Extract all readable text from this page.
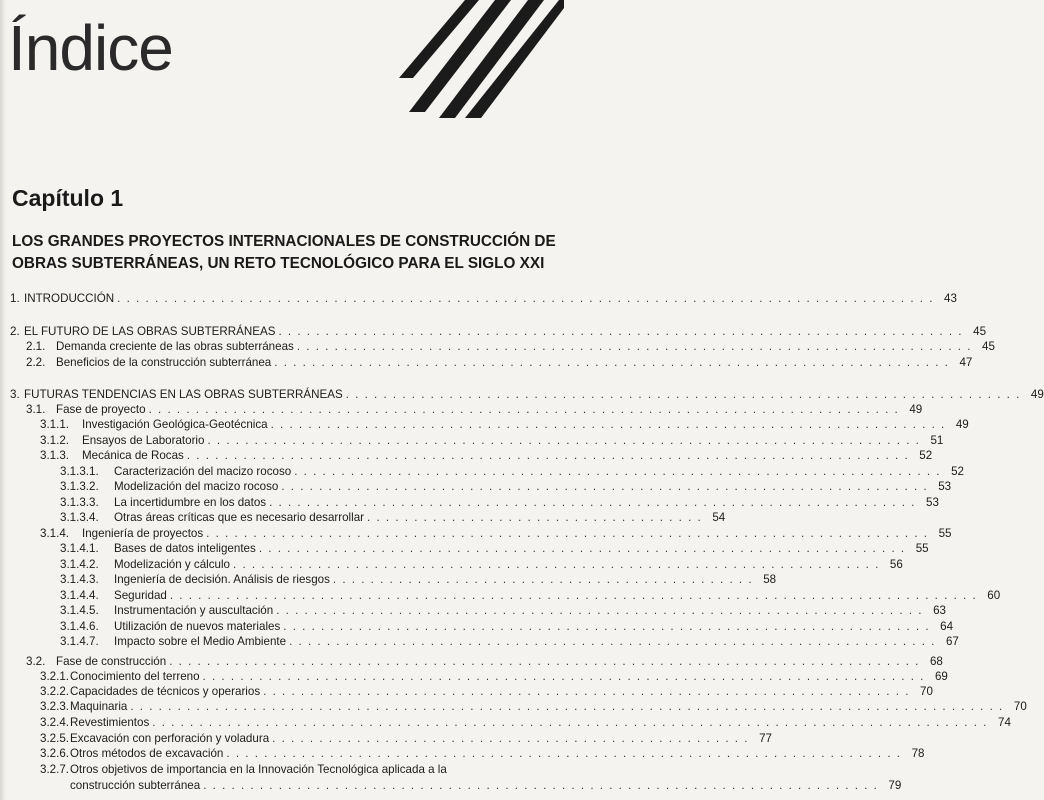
Índice
Capítulo 1
LOS GRANDES PROYECTOS INTERNACIONALES DE CONSTRUCCIÓN DE
OBRAS SUBTERRÁNEAS, UN RETO TECNOLÓGICO PARA EL SIGLO XXI
1. INTRODUCCIÓN . . . . . . . . . . . . . . . . . . . . . . . . . . . . . . . . . . . . . . . . . . . . . . . . . . . . . . . . . . . . . . . . . . . . . . . . . . . . . . . . . . . . . . . 43
2. EL FUTURO DE LAS OBRAS SUBTERRÁNEAS . . . . . . . . . . . . . . . . . . . . . . . . . . . . . . . . . . . . . . . . . . . . . . . . . . . . . . . . . . . . . . . . . . . . . . . . . 45
2.1. Demanda creciente de las obras subterráneas . . . . . . . . . . . . . . . . . . . . . . . . . . . . . . . . . . . . . . . . . . . . . . . . . . . . . . . . . . . . . . . . . . . . . . . . 45
2.2. Beneficios de la construcción subterránea . . . . . . . . . . . . . . . . . . . . . . . . . . . . . . . . . . . . . . . . . . . . . . . . . . . . . . . . . . . . . . . . . . . . . . . . 47
3. FUTURAS TENDENCIAS EN LAS OBRAS SUBTERRÁNEAS . . . . . . . . . . . . . . . . . . . . . . . . . . . . . . . . . . . . . . . . . . . . . . . . . . . . . . . . . . . . . . . . . . . . . . . . 49
3.1. Fase de proyecto . . . . . . . . . . . . . . . . . . . . . . . . . . . . . . . . . . . . . . . . . . . . . . . . . . . . . . . . . . . . . . . . . . . . . . . . . . . . . . . . 49
3.1.1.	Investigación Geológica-Geotécnica . . . . . . . . . . . . . . . . . . . . . . . . . . . . . . . . . . . . . . . . . . . . . . . . . . . . . . . . . . . . . . . . . . . . . . . . 49
3.1.2.	Ensayos de Laboratorio . . . . . . . . . . . . . . . . . . . . . . . . . . . . . . . . . . . . . . . . . . . . . . . . . . . . . . . . . . . . . . . . . . . . . . . . . . . . 51
3.1.3.	Mecánica de Rocas . . . . . . . . . . . . . . . . . . . . . . . . . . . . . . . . . . . . . . . . . . . . . . . . . . . . . . . . . . . . . . . . . . . . . . . . . . . . . 52
3.1.3.1.	Caracterización del macizo rocoso . . . . . . . . . . . . . . . . . . . . . . . . . . . . . . . . . . . . . . . . . . . . . . . . . . . . . . . . . . . . . . . . . . . . . 52
3.1.3.2.	Modelización del macizo rocoso . . . . . . . . . . . . . . . . . . . . . . . . . . . . . . . . . . . . . . . . . . . . . . . . . . . . . . . . . . . . . . . . . . . . . 53
3.1.3.3.	La incertidumbre en los datos . . . . . . . . . . . . . . . . . . . . . . . . . . . . . . . . . . . . . . . . . . . . . . . . . . . . . . . . . . . . . . . . . . . . . 53
3.1.3.4.	Otras áreas críticas que es necesario desarrollar . . . . . . . . . . . . . . . . . . . . . . . . . . . . . . . . . . . . 54
3.1.4.	Ingeniería de proyectos . . . . . . . . . . . . . . . . . . . . . . . . . . . . . . . . . . . . . . . . . . . . . . . . . . . . . . . . . . . . . . . . . . . . . . . . . . . . . 55
3.1.4.1.	Bases de datos inteligentes . . . . . . . . . . . . . . . . . . . . . . . . . . . . . . . . . . . . . . . . . . . . . . . . . . . . . . . . . . . . . . . . . . . . . 55
3.1.4.2.	Modelización y cálculo . . . . . . . . . . . . . . . . . . . . . . . . . . . . . . . . . . . . . . . . . . . . . . . . . . . . . . . . . . . . . . . . . . . . . 56
3.1.4.3.	Ingeniería de decisión. Análisis de riesgos . . . . . . . . . . . . . . . . . . . . . . . . . . . . . . . . . . . . . . . . . . . . . 58
3.1.4.4.	Seguridad . . . . . . . . . . . . . . . . . . . . . . . . . . . . . . . . . . . . . . . . . . . . . . . . . . . . . . . . . . . . . . . . . . . . . . . . . . . . . . . . . . . . . . 60
3.1.4.5.	Instrumentación y auscultación . . . . . . . . . . . . . . . . . . . . . . . . . . . . . . . . . . . . . . . . . . . . . . . . . . . . . . . . . . . . . . . . . . . . . 63
3.1.4.6.	Utilización de nuevos materiales . . . . . . . . . . . . . . . . . . . . . . . . . . . . . . . . . . . . . . . . . . . . . . . . . . . . . . . . . . . . . . . . . . . . . 64
3.1.4.7.	Impacto sobre el Medio Ambiente . . . . . . . . . . . . . . . . . . . . . . . . . . . . . . . . . . . . . . . . . . . . . . . . . . . . . . . . . . . . . . . . . . . . . 67
3.2. Fase de construcción . . . . . . . . . . . . . . . . . . . . . . . . . . . . . . . . . . . . . . . . . . . . . . . . . . . . . . . . . . . . . . . . . . . . . . . . . . . . . . . . 68
3.2.1. Conocimiento del terreno . . . . . . . . . . . . . . . . . . . . . . . . . . . . . . . . . . . . . . . . . . . . . . . . . . . . . . . . . . . . . . . . . . . . . . . . . . . . . 69
3.2.2. Capacidades de técnicos y operarios . . . . . . . . . . . . . . . . . . . . . . . . . . . . . . . . . . . . . . . . . . . . . . . . . . . . . . . . . . . . . . . . . . . . . 70
3.2.3. Maquinaria . . . . . . . . . . . . . . . . . . . . . . . . . . . . . . . . . . . . . . . . . . . . . . . . . . . . . . . . . . . . . . . . . . . . . . . . . . . . . . . . . . . . . . . . . . . . . 70
3.2.4. Revestimientos . . . . . . . . . . . . . . . . . . . . . . . . . . . . . . . . . . . . . . . . . . . . . . . . . . . . . . . . . . . . . . . . . . . . . . . . . . . . . . . . . . . . . . . . . 74
3.2.5. Excavación con perforación y voladura . . . . . . . . . . . . . . . . . . . . . . . . . . . . . . . . . . . . . . . . . . . . . . . . . . . 77
3.2.6. Otros métodos de excavación . . . . . . . . . . . . . . . . . . . . . . . . . . . . . . . . . . . . . . . . . . . . . . . . . . . . . . . . . . . . . . . . . . . . . . . . 78
3.2.7. Otros objetivos de importancia en la Innovación Tecnológica aplicada a la
construcción subterránea . . . . . . . . . . . . . . . . . . . . . . . . . . . . . . . . . . . . . . . . . . . . . . . . . . . . . . . . . . . . . . . . . . . . . . . . 79
